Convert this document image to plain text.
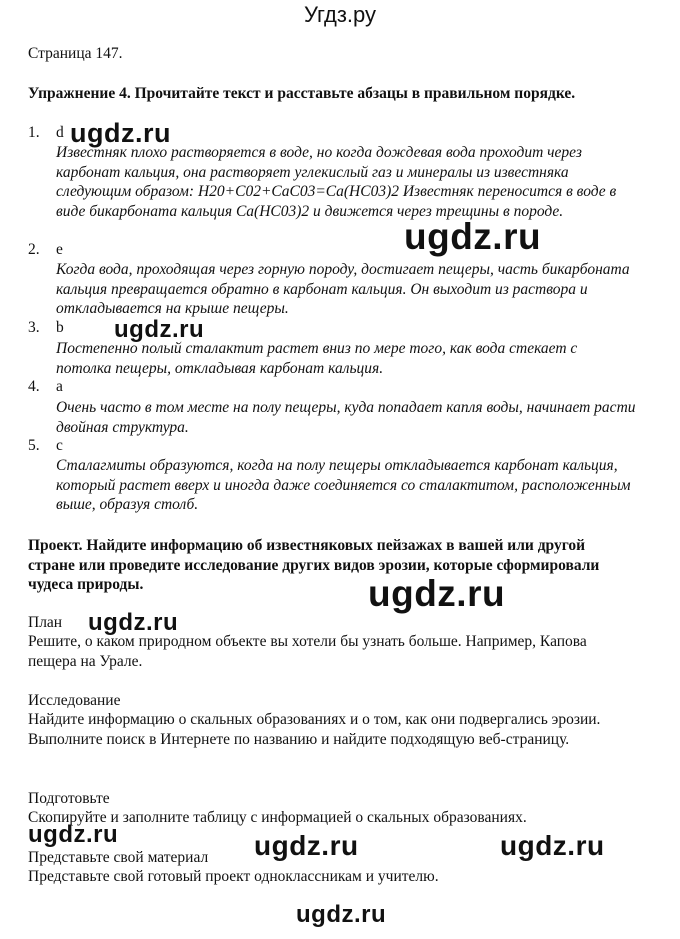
Угдз.ру
Страница 147.
Упражнение 4. Прочитайте текст и расставьте абзацы в правильном порядке.
1. d
Известняк плохо растворяется в воде, но когда дождевая вода проходит через карбонат кальция, она растворяет углекислый газ и минералы из известняка следующим образом: H20+C02+CaC03=Ca(HC03)2 Известняк переносится в воде в виде бикарбоната кальция Ca(HC03)2 и движется через трещины в породе.
2. e
Когда вода, проходящая через горную породу, достигает пещеры, часть бикарбоната кальция превращается обратно в карбонат кальция. Он выходит из раствора и откладывается на крыше пещеры.
3. b
Постепенно полый сталактит растет вниз по мере того, как вода стекает с потолка пещеры, откладывая карбонат кальция.
4. a
Очень часто в том месте на полу пещеры, куда попадает капля воды, начинает расти двойная структура.
5. c
Сталагмиты образуются, когда на полу пещеры откладывается карбонат кальция, который растет вверх и иногда даже соединяется со сталактитом, расположенным выше, образуя столб.
Проект. Найдите информацию об известняковых пейзажах в вашей или другой стране или проведите исследование других видов эрозии, которые сформировали чудеса природы.
План
Решите, о каком природном объекте вы хотели бы узнать больше. Например, Капова пещера на Урале.
Исследование
Найдите информацию о скальных образованиях и о том, как они подвергались эрозии. Выполните поиск в Интернете по названию и найдите подходящую веб-страницу.
Подготовьте
Скопируйте и заполните таблицу с информацией о скальных образованиях.
Представьте свой материал
Представьте свой готовый проект одноклассникам и учителю.
ugdz.ru
ugdz.ru
ugdz.ru
ugdz.ru
ugdz.ru
ugdz.ru	ugdz.ru	ugdz.ru
ugdz.ru
